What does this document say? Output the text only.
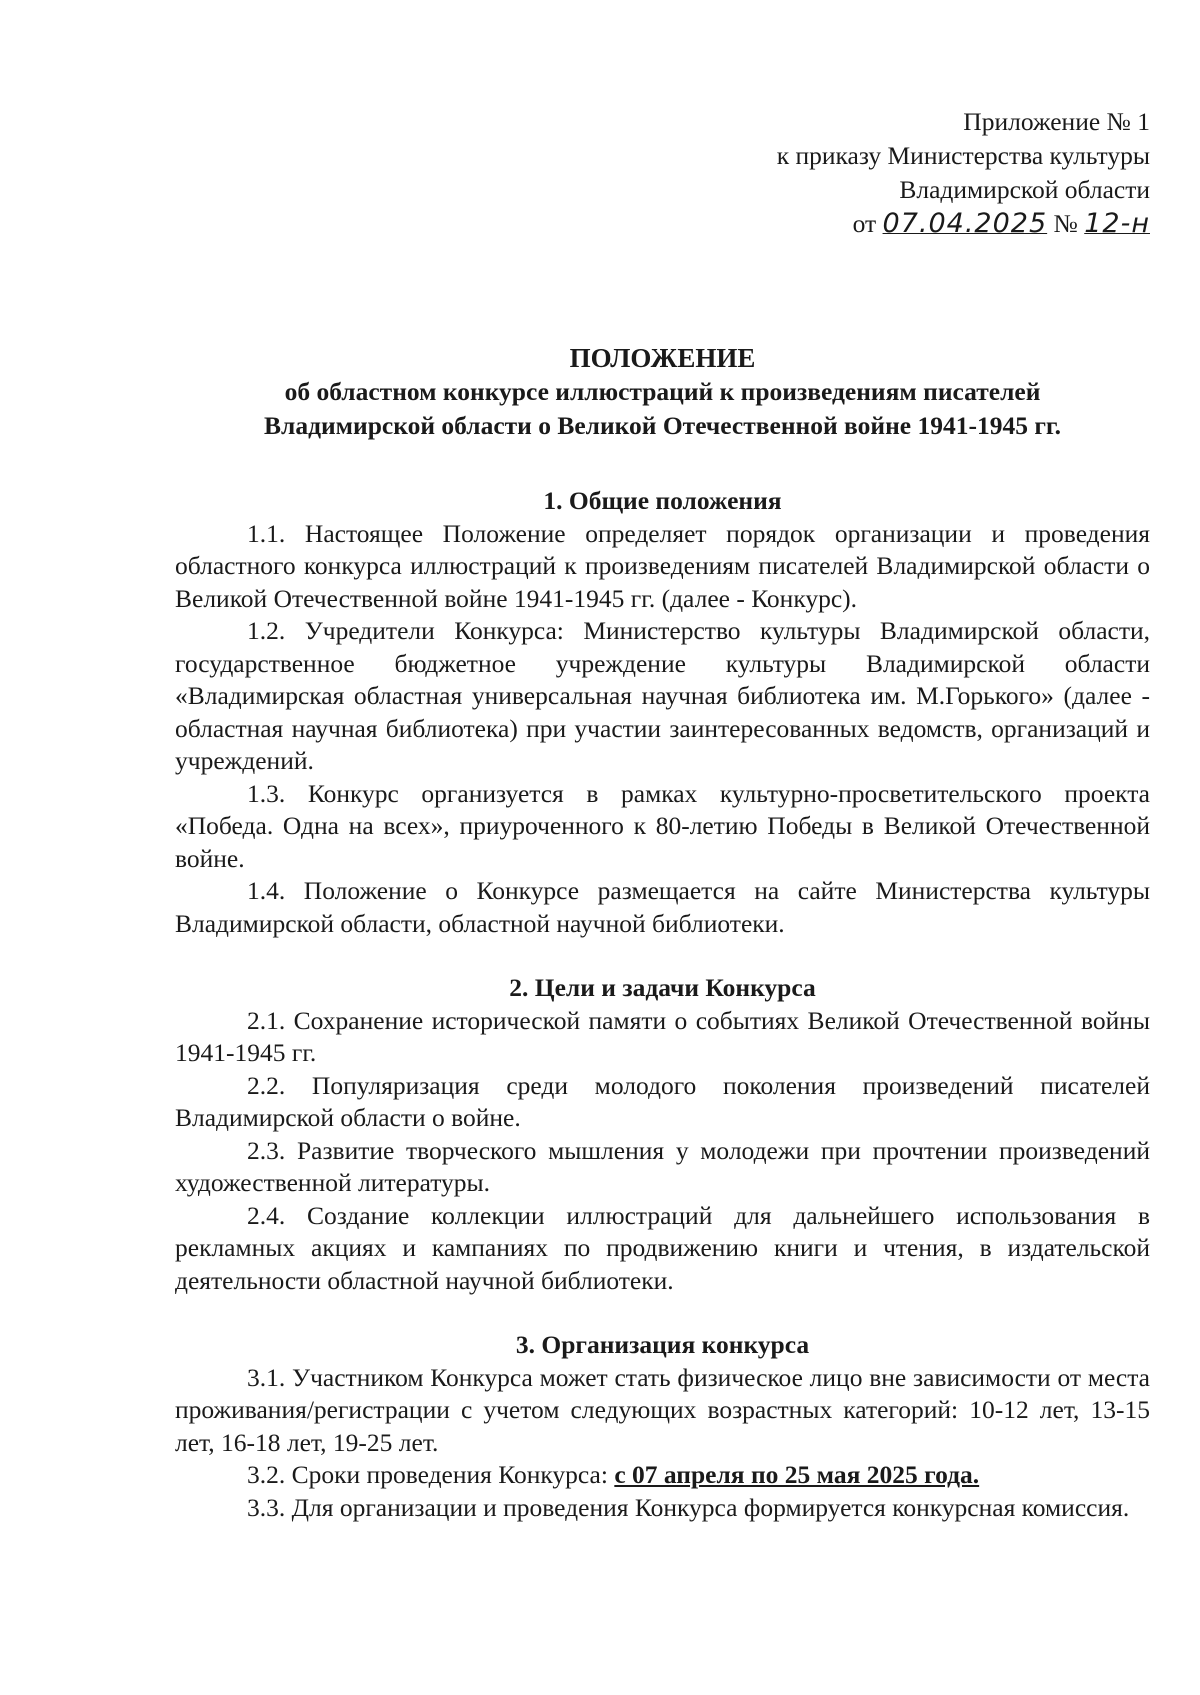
Приложение № 1
к приказу Министерства культуры
Владимирской области
от 07.04.2025 № 12-н
ПОЛОЖЕНИЕ
об областном конкурсе иллюстраций к произведениям писателей
Владимирской области о Великой Отечественной войне 1941-1945 гг.
1. Общие положения

1.1. Настоящее Положение определяет порядок организации и проведения областного конкурса иллюстраций к произведениям писателей Владимирской области о Великой Отечественной войне 1941-1945 гг. (далее - Конкурс).

1.2. Учредители Конкурса: Министерство культуры Владимирской области, государственное бюджетное учреждение культуры Владимирской области «Владимирская областная универсальная научная библиотека им. М.Горького» (далее - областная научная библиотека) при участии заинтересованных ведомств, организаций и учреждений.

1.3. Конкурс организуется в рамках культурно-просветительского проекта «Победа. Одна на всех», приуроченного к 80-летию Победы в Великой Отечественной войне.

1.4. Положение о Конкурсе размещается на сайте Министерства культуры Владимирской области, областной научной библиотеки.

2. Цели и задачи Конкурса

2.1. Сохранение исторической памяти о событиях Великой Отечественной войны 1941-1945 гг.

2.2. Популяризация среди молодого поколения произведений писателей Владимирской области о войне.

2.3. Развитие творческого мышления у молодежи при прочтении произведений художественной литературы.

2.4. Создание коллекции иллюстраций для дальнейшего использования в рекламных акциях и кампаниях по продвижению книги и чтения, в издательской деятельности областной научной библиотеки.

3. Организация конкурса

3.1. Участником Конкурса может стать физическое лицо вне зависимости от места проживания/регистрации с учетом следующих возрастных категорий: 10-12 лет, 13-15 лет, 16-18 лет, 19-25 лет.

3.2. Сроки проведения Конкурса: с 07 апреля по 25 мая 2025 года.

3.3. Для организации и проведения Конкурса формируется конкурсная комиссия.
